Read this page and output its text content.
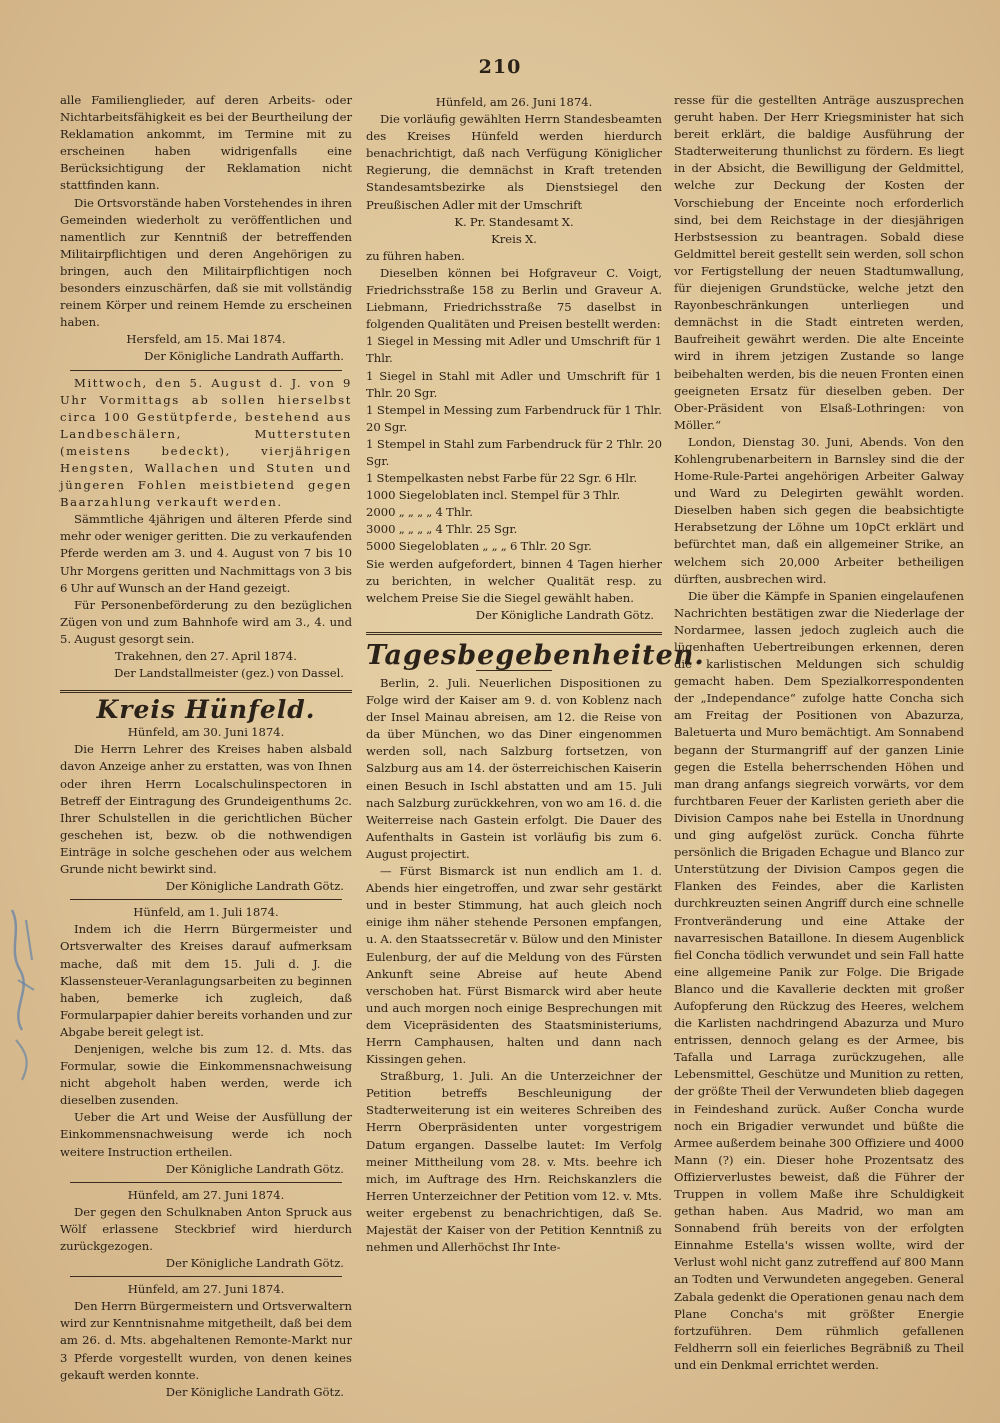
210

alle Familienglieder, auf deren Arbeits- oder Nichtarbeitsfähigkeit es bei der Beurtheilung der Reklamation ankommt, im Termine mit zu erscheinen haben widrigenfalls eine Berücksichtigung der Reklamation nicht stattfinden kann.

Die Ortsvorstände haben Vorstehendes in ihren Gemeinden wiederholt zu veröffentlichen und namentlich zur Kenntniß der betreffenden Militairpflichtigen und deren Angehörigen zu bringen, auch den Militairpflichtigen noch besonders einzuschärfen, daß sie mit vollständig reinem Körper und reinem Hemde zu erscheinen haben.

Hersfeld, am 15. Mai 1874.

Der Königliche Landrath Auffarth.

Mittwoch, den 5. August d. J. von 9 Uhr Vormittags ab sollen hierselbst circa 100 Gestütpferde, bestehend aus Landbeschälern, Mutterstuten (meistens bedeckt), vierjährigen Hengsten, Wallachen und Stuten und jüngeren Fohlen meistbietend gegen Baarzahlung verkauft werden.

Sämmtliche 4jährigen und älteren Pferde sind mehr oder weniger geritten. Die zu verkaufenden Pferde werden am 3. und 4. August von 7 bis 10 Uhr Morgens geritten und Nachmittags von 3 bis 6 Uhr auf Wunsch an der Hand gezeigt.

Für Personenbeförderung zu den bezüglichen Zügen von und zum Bahnhofe wird am 3., 4. und 5. August gesorgt sein.

Trakehnen, den 27. April 1874.

Der Landstallmeister (gez.) von Dassel.

Kreis Hünfeld.

Hünfeld, am 30. Juni 1874.

Die Herrn Lehrer des Kreises haben alsbald davon Anzeige anher zu erstatten, was von Ihnen oder ihren Herrn Localschulinspectoren in Betreff der Eintragung des Grundeigenthums 2c. Ihrer Schulstellen in die gerichtlichen Bücher geschehen ist, bezw. ob die nothwendigen Einträge in solche geschehen oder aus welchem Grunde nicht bewirkt sind.

Der Königliche Landrath Götz.

Hünfeld, am 1. Juli 1874.

Indem ich die Herrn Bürgermeister und Ortsverwalter des Kreises darauf aufmerksam mache, daß mit dem 15. Juli d. J. die Klassensteuer-Veranlagungsarbeiten zu beginnen haben, bemerke ich zugleich, daß Formularpapier dahier bereits vorhanden und zur Abgabe bereit gelegt ist.

Denjenigen, welche bis zum 12. d. Mts. das Formular, sowie die Einkommensnachweisung nicht abgeholt haben werden, werde ich dieselben zusenden.

Ueber die Art und Weise der Ausfüllung der Einkommensnachweisung werde ich noch weitere Instruction ertheilen.

Der Königliche Landrath Götz.

Hünfeld, am 27. Juni 1874.

Der gegen den Schulknaben Anton Spruck aus Wölf erlassene Steckbrief wird hierdurch zurückgezogen.

Der Königliche Landrath Götz.

Hünfeld, am 27. Juni 1874.

Den Herrn Bürgermeistern und Ortsverwaltern wird zur Kenntnisnahme mitgetheilt, daß bei dem am 26. d. Mts. abgehaltenen Remonte-Markt nur 3 Pferde vorgestellt wurden, von denen keines gekauft werden konnte.

Der Königliche Landrath Götz.

Hünfeld, am 26. Juni 1874.

Die vorläufig gewählten Herrn Standesbeamten des Kreises Hünfeld werden hierdurch benachrichtigt, daß nach Verfügung Königlicher Regierung, die demnächst in Kraft tretenden Standesamtsbezirke als Dienstsiegel den Preußischen Adler mit der Umschrift

K. Pr. Standesamt X.

Kreis X.

zu führen haben.

Dieselben können bei Hofgraveur C. Voigt, Friedrichsstraße 158 zu Berlin und Graveur A. Liebmann, Friedrichsstraße 75 daselbst in folgenden Qualitäten und Preisen bestellt werden:

1 Siegel in Messing mit Adler und Umschrift für 1 Thlr.

1 Siegel in Stahl mit Adler und Umschrift für 1 Thlr. 20 Sgr.

1 Stempel in Messing zum Farbendruck für 1 Thlr. 20 Sgr.

1 Stempel in Stahl zum Farbendruck für 2 Thlr. 20 Sgr.

1 Stempelkasten nebst Farbe für 22 Sgr. 6 Hlr.

1000 Siegeloblaten incl. Stempel für 3 Thlr.

2000 „ „ „ „ 4 Thlr.

3000 „ „ „ „ 4 Thlr. 25 Sgr.

5000 Siegeloblaten „ „ „ 6 Thlr. 20 Sgr.

Sie werden aufgefordert, binnen 4 Tagen hierher zu berichten, in welcher Qualität resp. zu welchem Preise Sie die Siegel gewählt haben.

Der Königliche Landrath Götz.

Tagesbegebenheiten.

Berlin, 2. Juli. Neuerlichen Dispositionen zu Folge wird der Kaiser am 9. d. von Koblenz nach der Insel Mainau abreisen, am 12. die Reise von da über München, wo das Diner eingenommen werden soll, nach Salzburg fortsetzen, von Salzburg aus am 14. der österreichischen Kaiserin einen Besuch in Ischl abstatten und am 15. Juli nach Salzburg zurückkehren, von wo am 16. d. die Weiterreise nach Gastein erfolgt. Die Dauer des Aufenthalts in Gastein ist vorläufig bis zum 6. August projectirt.

— Fürst Bismarck ist nun endlich am 1. d. Abends hier eingetroffen, und zwar sehr gestärkt und in bester Stimmung, hat auch gleich noch einige ihm näher stehende Personen empfangen, u. A. den Staatssecretär v. Bülow und den Minister Eulenburg, der auf die Meldung von des Fürsten Ankunft seine Abreise auf heute Abend verschoben hat. Fürst Bismarck wird aber heute und auch morgen noch einige Besprechungen mit dem Vicepräsidenten des Staatsministeriums, Herrn Camphausen, halten und dann nach Kissingen gehen.

Straßburg, 1. Juli. An die Unterzeichner der Petition betreffs Beschleunigung der Stadterweiterung ist ein weiteres Schreiben des Herrn Oberpräsidenten unter vorgestrigem Datum ergangen. Dasselbe lautet: Im Verfolg meiner Mittheilung vom 28. v. Mts. beehre ich mich, im Auftrage des Hrn. Reichskanzlers die Herren Unterzeichner der Petition vom 12. v. Mts. weiter ergebenst zu benachrichtigen, daß Se. Majestät der Kaiser von der Petition Kenntniß zu nehmen und Allerhöchst Ihr Inte-

resse für die gestellten Anträge auszusprechen geruht haben. Der Herr Kriegsminister hat sich bereit erklärt, die baldige Ausführung der Stadterweiterung thunlichst zu fördern. Es liegt in der Absicht, die Bewilligung der Geldmittel, welche zur Deckung der Kosten der Vorschiebung der Enceinte noch erforderlich sind, bei dem Reichstage in der diesjährigen Herbstsession zu beantragen. Sobald diese Geldmittel bereit gestellt sein werden, soll schon vor Fertigstellung der neuen Stadtumwallung, für diejenigen Grundstücke, welche jetzt den Rayonbeschränkungen unterliegen und demnächst in die Stadt eintreten werden, Baufreiheit gewährt werden. Die alte Enceinte wird in ihrem jetzigen Zustande so lange beibehalten werden, bis die neuen Fronten einen geeigneten Ersatz für dieselben geben. Der Ober-Präsident von Elsaß-Lothringen: von Möller.“

London, Dienstag 30. Juni, Abends. Von den Kohlengrubenarbeitern in Barnsley sind die der Home-Rule-Partei angehörigen Arbeiter Galway und Ward zu Delegirten gewählt worden. Dieselben haben sich gegen die beabsichtigte Herabsetzung der Löhne um 10pCt erklärt und befürchtet man, daß ein allgemeiner Strike, an welchem sich 20,000 Arbeiter betheiligen dürften, ausbrechen wird.

Die über die Kämpfe in Spanien eingelaufenen Nachrichten bestätigen zwar die Niederlage der Nordarmee, lassen jedoch zugleich auch die lügenhaften Uebertreibungen erkennen, deren die karlistischen Meldungen sich schuldig gemacht haben. Dem Spezialkorrespondenten der „Independance“ zufolge hatte Concha sich am Freitag der Positionen von Abazurza, Baletuerta und Muro bemächtigt. Am Sonnabend begann der Sturmangriff auf der ganzen Linie gegen die Estella beherrschenden Höhen und man drang anfangs siegreich vorwärts, vor dem furchtbaren Feuer der Karlisten gerieth aber die Division Campos nahe bei Estella in Unordnung und ging aufgelöst zurück. Concha führte persönlich die Brigaden Echague und Blanco zur Unterstützung der Division Campos gegen die Flanken des Feindes, aber die Karlisten durchkreuzten seinen Angriff durch eine schnelle Frontveränderung und eine Attake der navarresischen Bataillone. In diesem Augenblick fiel Concha tödlich verwundet und sein Fall hatte eine allgemeine Panik zur Folge. Die Brigade Blanco und die Kavallerie deckten mit großer Aufopferung den Rückzug des Heeres, welchem die Karlisten nachdringend Abazurza und Muro entrissen, dennoch gelang es der Armee, bis Tafalla und Larraga zurückzugehen, alle Lebensmittel, Geschütze und Munition zu retten, der größte Theil der Verwundeten blieb dagegen in Feindeshand zurück. Außer Concha wurde noch ein Brigadier verwundet und büßte die Armee außerdem beinahe 300 Offiziere und 4000 Mann (?) ein. Dieser hohe Prozentsatz des Offizierverlustes beweist, daß die Führer der Truppen in vollem Maße ihre Schuldigkeit gethan haben. Aus Madrid, wo man am Sonnabend früh bereits von der erfolgten Einnahme Estella's wissen wollte, wird der Verlust wohl nicht ganz zutreffend auf 800 Mann an Todten und Verwundeten angegeben. General Zabala gedenkt die Operationen genau nach dem Plane Concha's mit größter Energie fortzuführen. Dem rühmlich gefallenen Feldherrn soll ein feierliches Begräbniß zu Theil und ein Denkmal errichtet werden.
